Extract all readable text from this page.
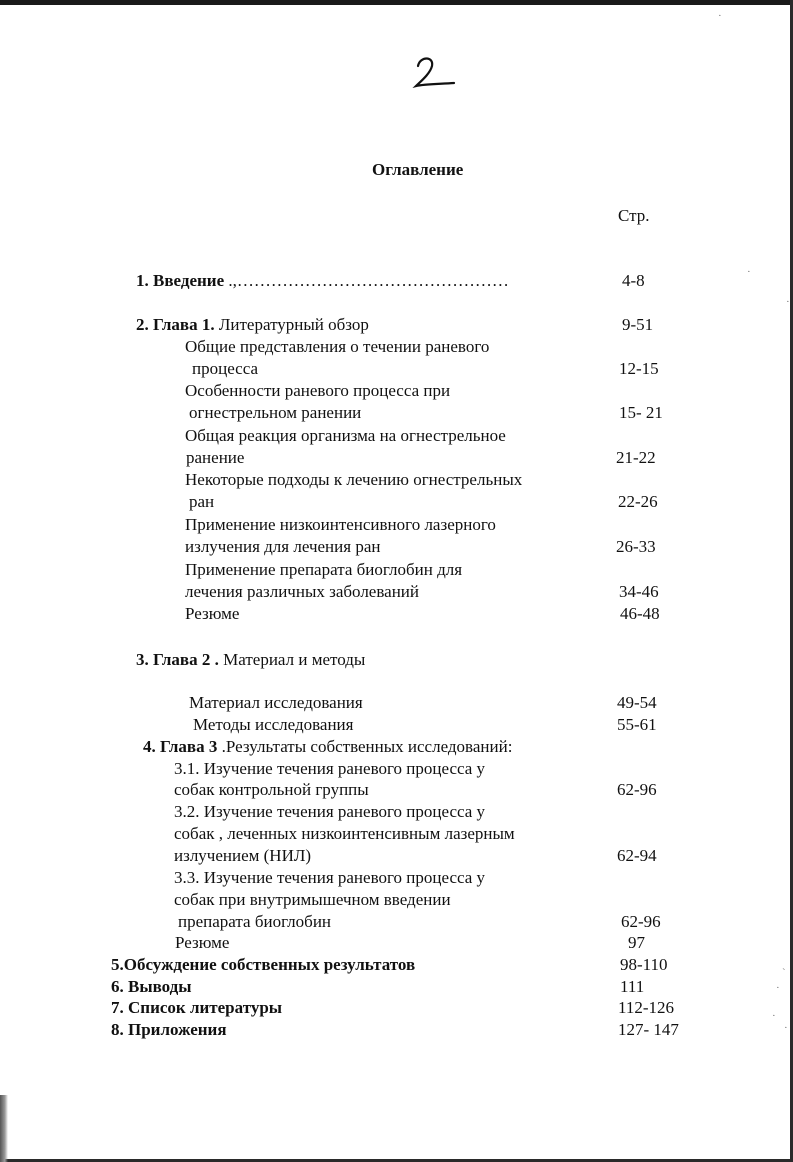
Оглавление
Стр.
1. Введение .,…………………………………………	4-8
2. Глава 1. Литературный обзор	9-51
Общие представления о течении раневого
процесса	12-15
Особенности раневого процесса при
огнестрельном ранении	15- 21
Общая реакция организма на огнестрельное
ранение	21-22
Некоторые подходы к лечению огнестрельных
ран	22-26
Применение низкоинтенсивного лазерного
излучения для лечения ран	26-33
Применение препарата биоглобин для
лечения различных заболеваний	34-46
Резюме	46-48
3. Глава 2 . Материал и методы
Материал исследования	49-54
Методы исследования	55-61
4. Глава 3 .Результаты собственных исследований:
3.1. Изучение течения раневого процесса у
собак контрольной группы	62-96
3.2. Изучение течения раневого процесса у
собак , леченных низкоинтенсивным лазерным
излучением (НИЛ)	62-94
3.3. Изучение течения раневого процесса у
собак при внутримышечном введении
препарата биоглобин	62-96
Резюме	97
5.Обсуждение собственных результатов	98-110
6. Выводы	111
7. Список литературы	112-126
8. Приложения	127- 147
·
·
·
˴
·
·
·
